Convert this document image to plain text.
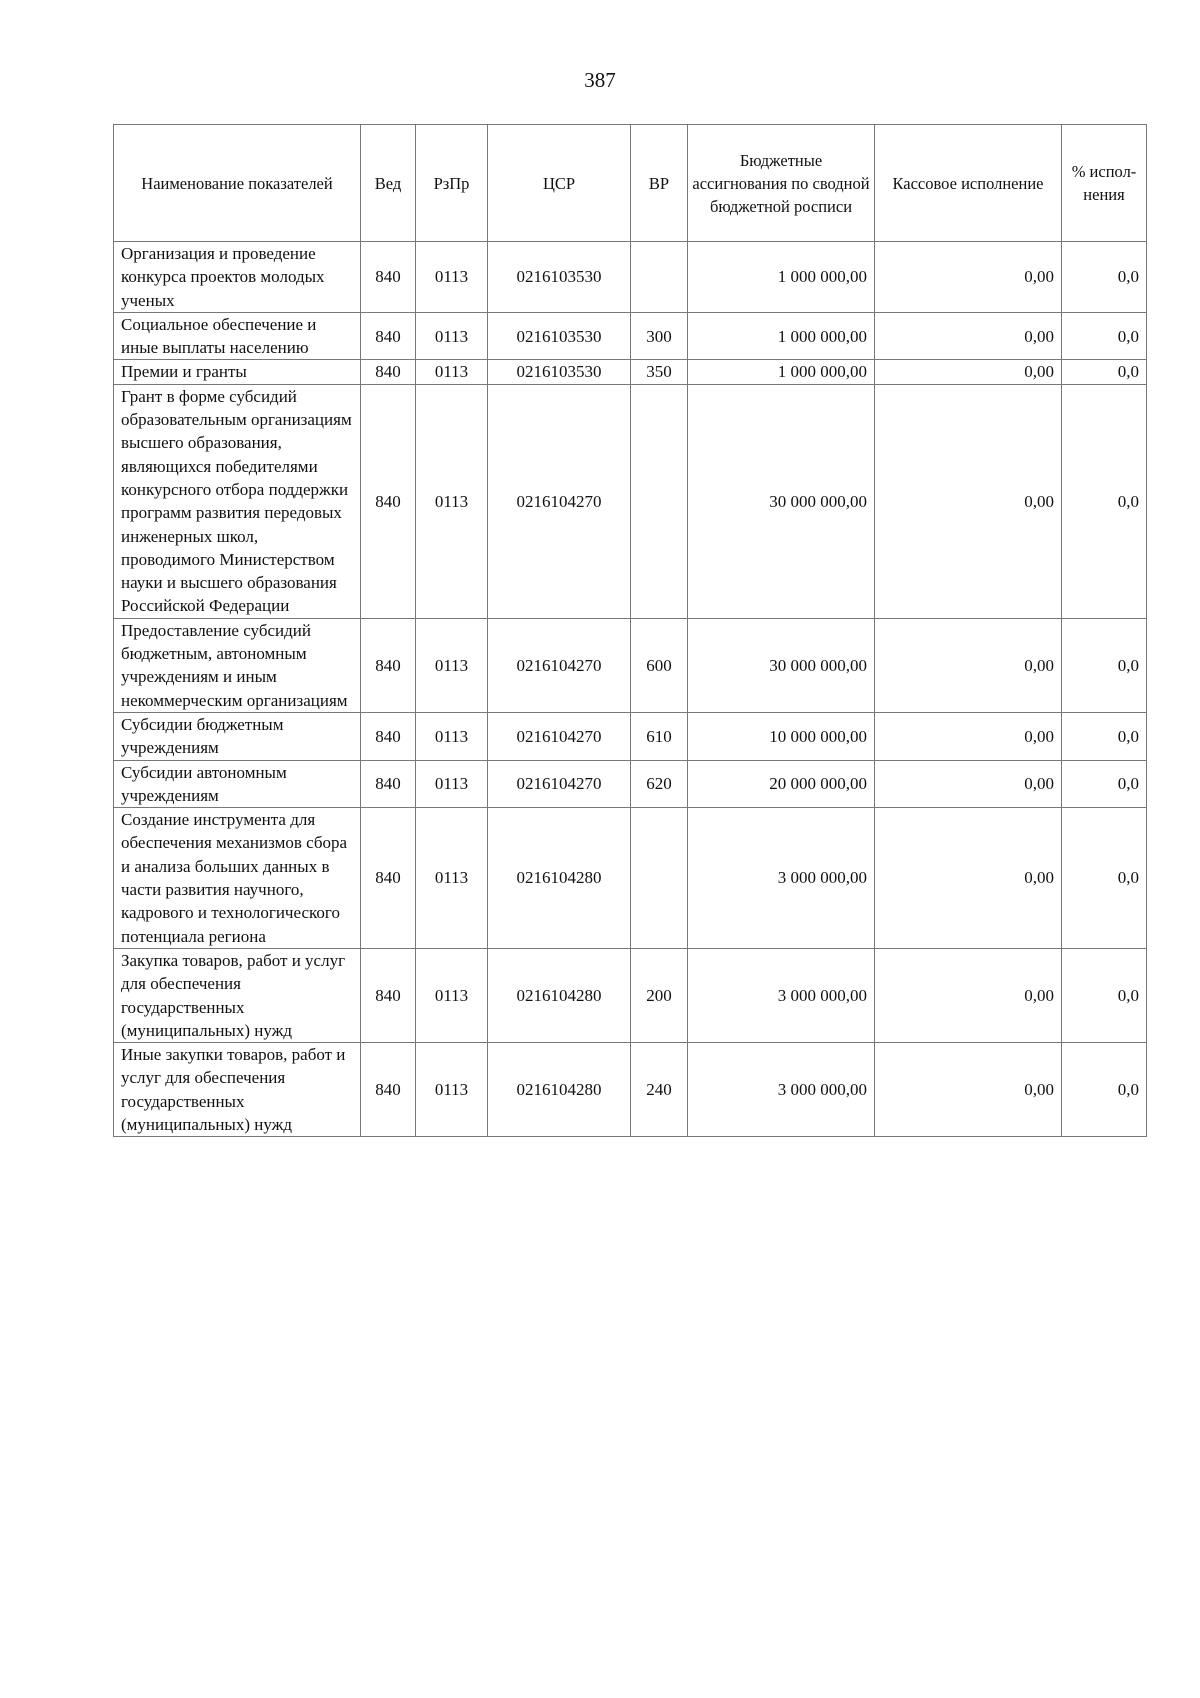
387
Наименование показателей	Вед	РзПр	ЦСР	ВР	Бюджетные ассигнования по сводной бюджетной росписи	Кассовое исполнение	% испол-нения
Организация и проведение конкурса проектов молодых ученых	840	0113	0216103530		1 000 000,00	0,00	0,0
Социальное обеспечение и иные выплаты населению	840	0113	0216103530	300	1 000 000,00	0,00	0,0
Премии и гранты	840	0113	0216103530	350	1 000 000,00	0,00	0,0
Грант в форме субсидий образовательным организациям высшего образования, являющихся победителями конкурсного отбора поддержки программ развития передовых инженерных школ, проводимого Министерством науки и высшего образования Российской Федерации	840	0113	0216104270		30 000 000,00	0,00	0,0
Предоставление субсидий бюджетным, автономным учреждениям и иным некоммерческим организациям	840	0113	0216104270	600	30 000 000,00	0,00	0,0
Субсидии бюджетным учреждениям	840	0113	0216104270	610	10 000 000,00	0,00	0,0
Субсидии автономным учреждениям	840	0113	0216104270	620	20 000 000,00	0,00	0,0
Создание инструмента для обеспечения механизмов сбора и анализа больших данных в части развития научного, кадрового и технологического потенциала региона	840	0113	0216104280		3 000 000,00	0,00	0,0
Закупка товаров, работ и услуг для обеспечения государственных (муниципальных) нужд	840	0113	0216104280	200	3 000 000,00	0,00	0,0
Иные закупки товаров, работ и услуг для обеспечения государственных (муниципальных) нужд	840	0113	0216104280	240	3 000 000,00	0,00	0,0
